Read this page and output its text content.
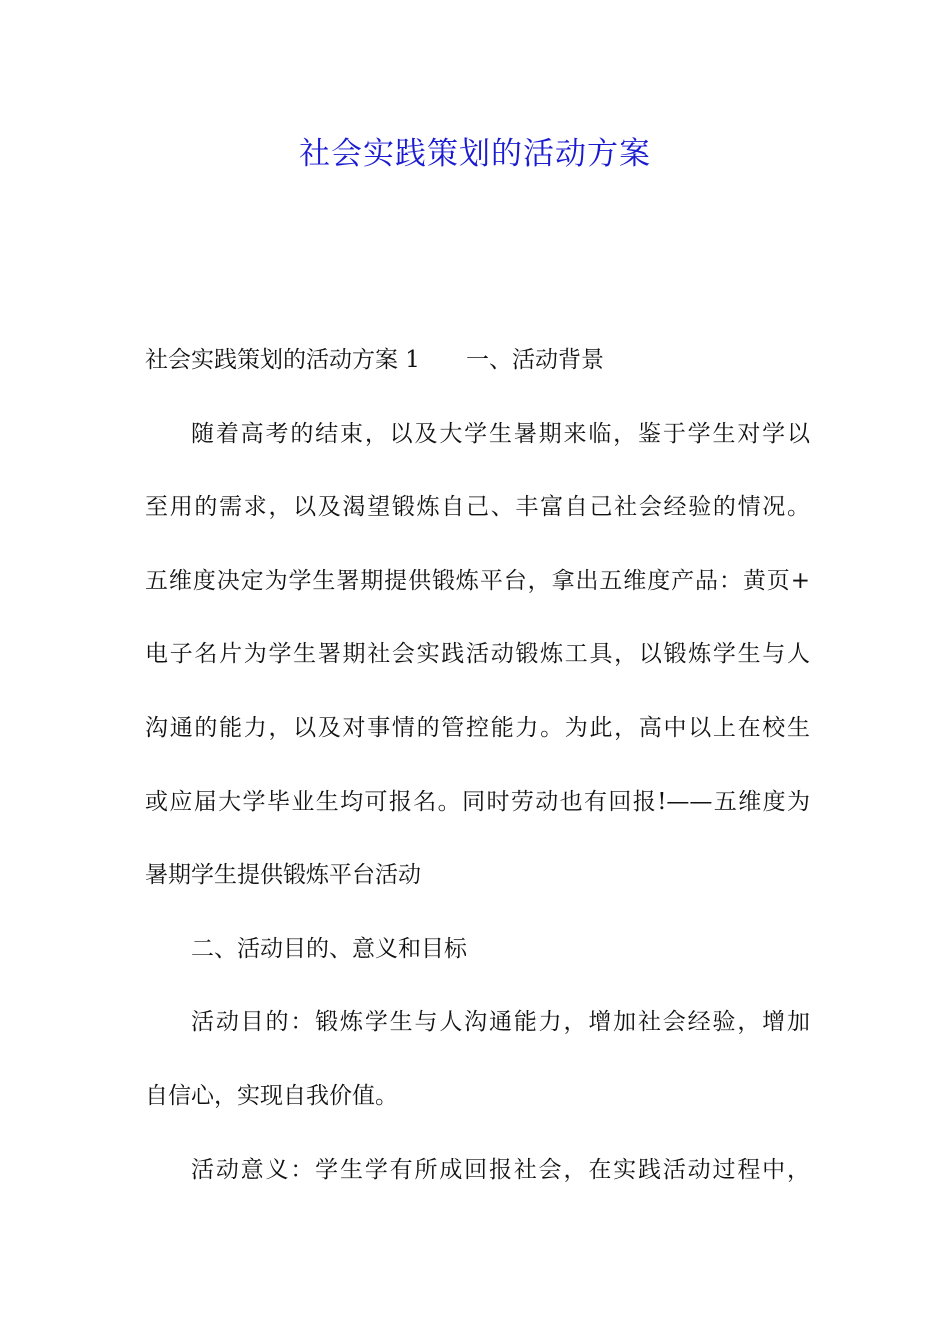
社会实践策划的活动方案
社会实践策划的活动方案 1 一、活动背景
随着高考的结束，以及大学生暑期来临，鉴于学生对学以
至用的需求，以及渴望锻炼自己、丰富自己社会经验的情况。
五维度决定为学生署期提供锻炼平台，拿出五维度产品：黄页+
电子名片为学生署期社会实践活动锻炼工具，以锻炼学生与人
沟通的能力，以及对事情的管控能力。为此，高中以上在校生
或应届大学毕业生均可报名。同时劳动也有回报!——五维度为
暑期学生提供锻炼平台活动
二、活动目的、意义和目标
活动目的：锻炼学生与人沟通能力，增加社会经验，增加
自信心，实现自我价值。
活动意义：学生学有所成回报社会，在实践活动过程中，
